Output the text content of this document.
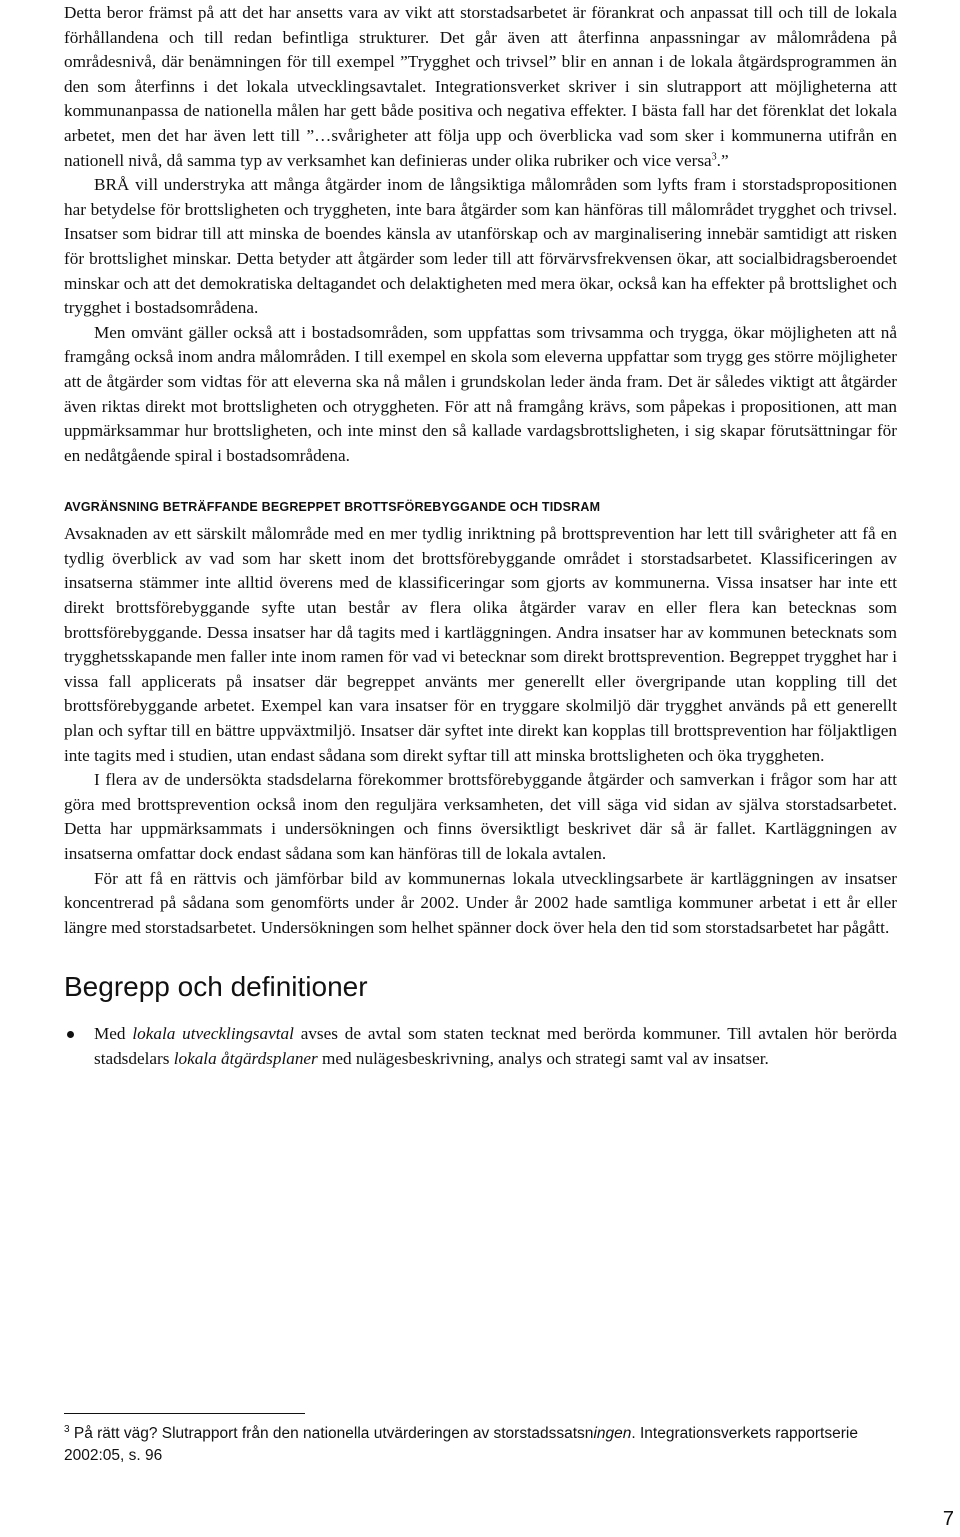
Detta beror främst på att det har ansetts vara av vikt att storstadsarbetet är förankrat och anpassat till och till de lokala förhållandena och till redan befintliga strukturer. Det går även att återfinna anpassningar av målområdena på områdesnivå, där benämningen för till exempel ”Trygghet och trivsel” blir en annan i de lokala åtgärdsprogrammen än den som återfinns i det lokala utvecklingsavtalet. Integrationsverket skriver i sin slutrapport att möjligheterna att kommunanpassa de nationella målen har gett både positiva och negativa effekter. I bästa fall har det förenklat det lokala arbetet, men det har även lett till ”…svårigheter att följa upp och överblicka vad som sker i kommunerna utifrån en nationell nivå, då samma typ av verksamhet kan definieras under olika rubriker och vice versa$^3$.”

BRÅ vill understryka att många åtgärder inom de långsiktiga målområden som lyfts fram i storstadspropositionen har betydelse för brottsligheten och tryggheten, inte bara åtgärder som kan hänföras till målområdet trygghet och trivsel. Insatser som bidrar till att minska de boendes känsla av utanförskap och av marginalisering innebär samtidigt att risken för brottslighet minskar. Detta betyder att åtgärder som leder till att förvärvsfrekvensen ökar, att socialbidragsberoendet minskar och att det demokratiska deltagandet och delaktigheten med mera ökar, också kan ha effekter på brottslighet och trygghet i bostadsområdena.

Men omvänt gäller också att i bostadsområden, som uppfattas som trivsamma och trygga, ökar möjligheten att nå framgång också inom andra målområden. I till exempel en skola som eleverna uppfattar som trygg ges större möjligheter att de åtgärder som vidtas för att eleverna ska nå målen i grundskolan leder ända fram. Det är således viktigt att åtgärder även riktas direkt mot brottsligheten och otryggheten. För att nå framgång krävs, som påpekas i propositionen, att man uppmärksammar hur brottsligheten, och inte minst den så kallade vardagsbrottsligheten, i sig skapar förutsättningar för en nedåtgående spiral i bostadsområdena.

AVGRÄNSNING BETRÄFFANDE BEGREPPET BROTTSFÖREBYGGANDE OCH TIDSRAM

Avsaknaden av ett särskilt målområde med en mer tydlig inriktning på brottsprevention har lett till svårigheter att få en tydlig överblick av vad som har skett inom det brottsförebyggande området i storstadsarbetet. Klassificeringen av insatserna stämmer inte alltid överens med de klassificeringar som gjorts av kommunerna. Vissa insatser har inte ett direkt brottsförebyggande syfte utan består av flera olika åtgärder varav en eller flera kan betecknas som brottsförebyggande. Dessa insatser har då tagits med i kartläggningen. Andra insatser har av kommunen betecknats som trygghetsskapande men faller inte inom ramen för vad vi betecknar som direkt brottsprevention. Begreppet trygghet har i vissa fall applicerats på insatser där begreppet använts mer generellt eller övergripande utan koppling till det brottsförebyggande arbetet. Exempel kan vara insatser för en tryggare skolmiljö där trygghet används på ett generellt plan och syftar till en bättre uppväxtmiljö. Insatser där syftet inte direkt kan kopplas till brottsprevention har följaktligen inte tagits med i studien, utan endast sådana som direkt syftar till att minska brottsligheten och öka tryggheten.

I flera av de undersökta stadsdelarna förekommer brottsförebyggande åtgärder och samverkan i frågor som har att göra med brottsprevention också inom den reguljära verksamheten, det vill säga vid sidan av själva storstadsarbetet. Detta har uppmärksammats i undersökningen och finns översiktligt beskrivet där så är fallet. Kartläggningen av insatserna omfattar dock endast sådana som kan hänföras till de lokala avtalen.

För att få en rättvis och jämförbar bild av kommunernas lokala utvecklingsarbete är kartläggningen av insatser koncentrerad på sådana som genomförts under år 2002. Under år 2002 hade samtliga kommuner arbetat i ett år eller längre med storstadsarbetet. Undersökningen som helhet spänner dock över hela den tid som storstadsarbetet har pågått.

Begrepp och definitioner

Med lokala utvecklingsavtal avses de avtal som staten tecknat med berörda kommuner. Till avtalen hör berörda stadsdelars lokala åtgärdsplaner med nulägesbeskrivning, analys och strategi samt val av insatser.

$^3$ På rätt väg? Slutrapport från den nationella utvärderingen av storstadssatsningen. Integrationsverkets rapportserie 2002:05, s. 96
7
